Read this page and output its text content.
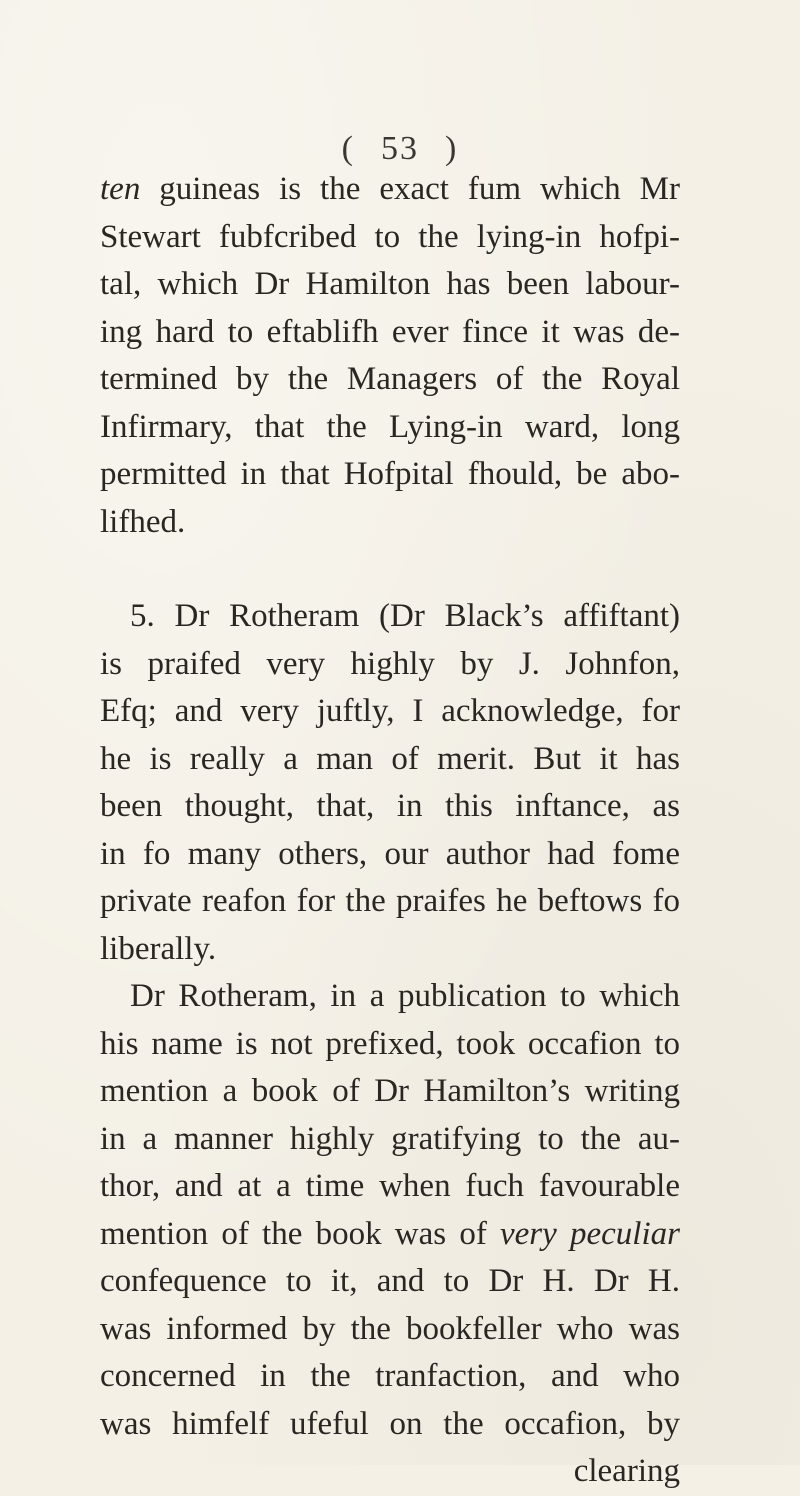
( 53 )
ten guineas is the exact fum which Mr
Stewart fubfcribed to the lying-in hofpi-
tal, which Dr Hamilton has been labour-
ing hard to eftablifh ever fince it was de-
termined by the Managers of the Royal
Infirmary, that the Lying-in ward, long
permitted in that Hofpital fhould, be abo-
lifhed.
5. Dr Rotheram (Dr Black’s affiftant)
is praifed very highly by J. Johnfon,
Efq; and very juftly, I acknowledge, for
he is really a man of merit. But it has
been thought, that, in this inftance, as
in fo many others, our author had fome
private reafon for the praifes he beftows fo
liberally.
Dr Rotheram, in a publication to which
his name is not prefixed, took occafion to
mention a book of Dr Hamilton’s writing
in a manner highly gratifying to the au-
thor, and at a time when fuch favourable
mention of the book was of very peculiar
confequence to it, and to Dr H. Dr H.
was informed by the bookfeller who was
concerned in the tranfaction, and who
was himfelf ufeful on the occafion, by
clearing
